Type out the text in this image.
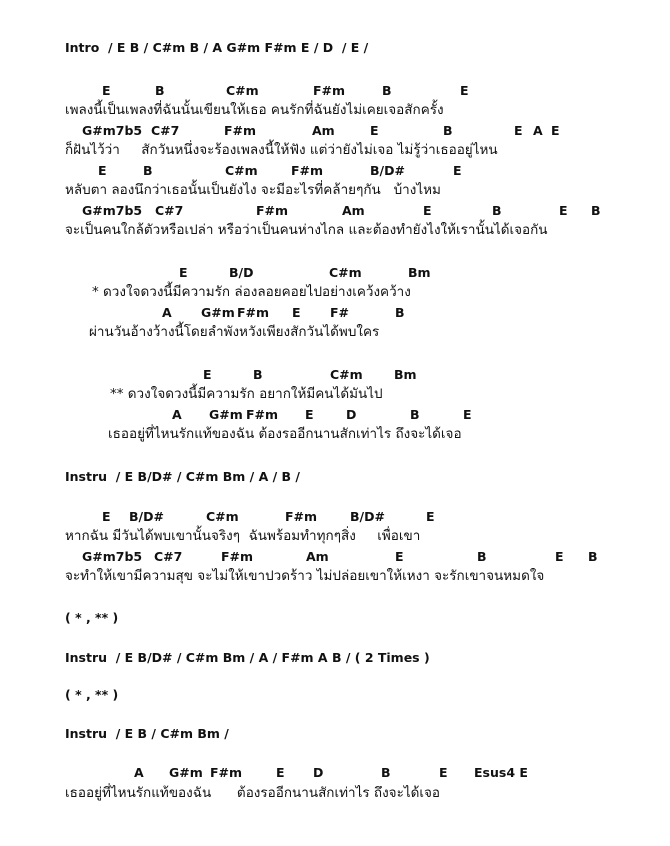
Intro  / E B / C#m B / A G#m F#m E / D  / E /
E	B	C#m	F#m	B	E
เพลงนี้เป็นเพลงที่ฉันนั้นเขียนให้เธอ คนรักที่ฉันยังไม่เคยเจอสักครั้ง
G#m7b5 C#7	F#m	Am	E	B	E A E
ก็ฝันไว้ว่า     สักวันหนึ่งจะร้องเพลงนี้ให้ฟัง แต่ว่ายังไม่เจอ ไม่รู้ว่าเธออยู่ไหน
E	B	C#m	F#m	B/D#	E
หลับตา ลองนึกว่าเธอนั้นเป็นยังไง จะมีอะไรที่คล้ายๆกัน   บ้างไหม
G#m7b5 C#7	F#m	Am	E	B	E B
จะเป็นคนใกล้ตัวหรือเปล่า หรือว่าเป็นคนห่างไกล และต้องทำยังไงให้เรานั้นได้เจอกัน
E	B/D	C#m	Bm
* ดวงใจดวงนี้มีความรัก ล่องลอยคอยไปอย่างเคว้งคว้าง
A G#m F#m E F#	B
ผ่านวันอ้างว้างนี้โดยลำพังหวังเพียงสักวันได้พบใคร
E	B	C#m	Bm
** ดวงใจดวงนี้มีความรัก อยากให้มีคนได้มันไป
A G#m F#m E	D	B	E
เธออยู่ที่ไหนรักแท้ของฉัน ต้องรออีกนานสักเท่าไร ถึงจะได้เจอ
Instru  / E B/D# / C#m Bm / A / B /
E B/D#	C#m	F#m	B/D#	E
หากฉัน มีวันได้พบเขานั้นจริงๆ  ฉันพร้อมทำทุกๆสิ่ง     เพื่อเขา
G#m7b5 C#7	F#m	Am	E	B	E B
จะทำให้เขามีความสุข จะไม่ให้เขาปวดร้าว ไม่ปล่อยเขาให้เหงา จะรักเขาจนหมดใจ
( * , ** )
Instru  / E B/D# / C#m Bm / A / F#m A B / ( 2 Times )
( * , ** )
Instru  / E B / C#m Bm /
A G#m F#m	E D	B	E Esus4 E
เธออยู่ที่ไหนรักแท้ของฉัน      ต้องรออีกนานสักเท่าไร ถึงจะได้เจอ
